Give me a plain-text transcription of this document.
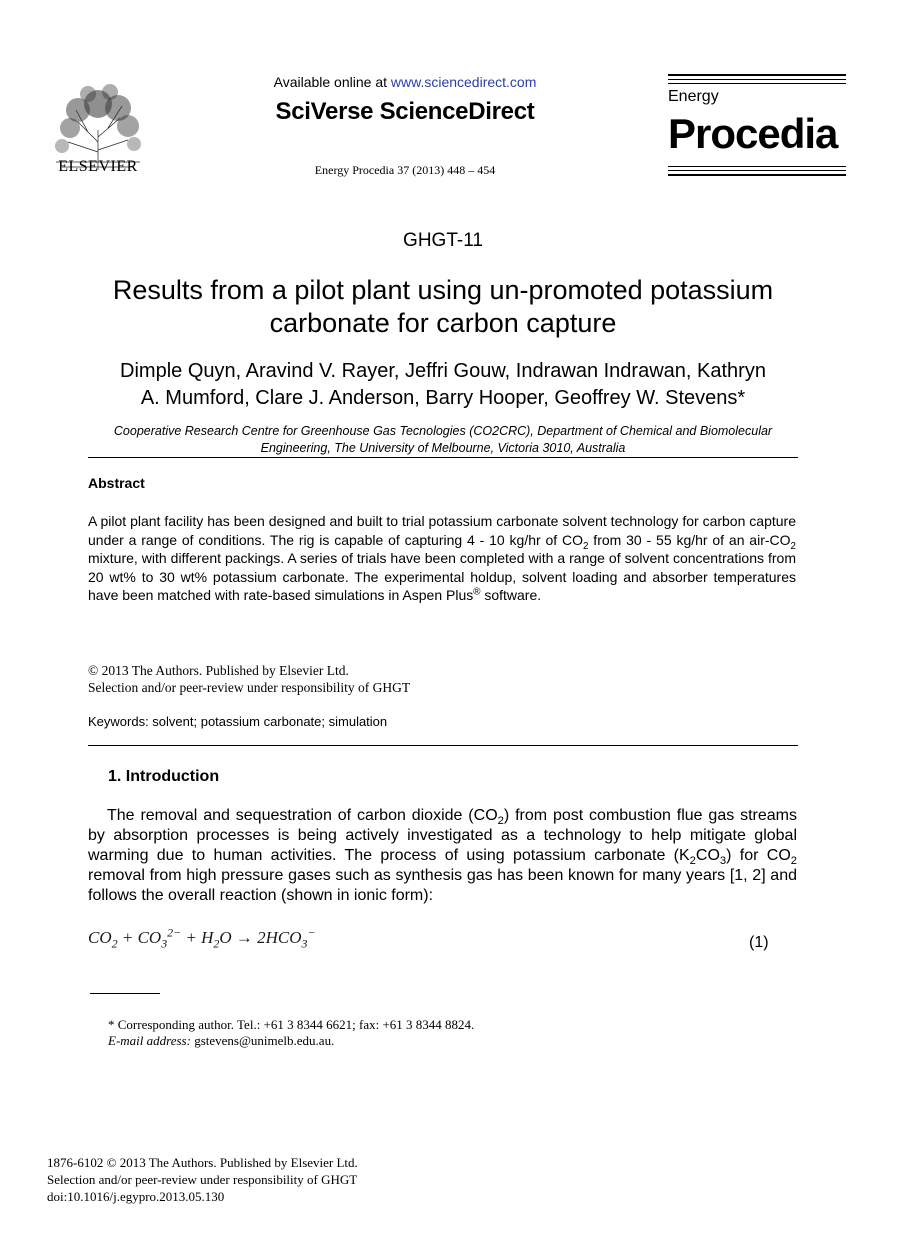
ELSEVIER
Available online at www.sciencedirect.com
SciVerse ScienceDirect
Energy Procedia 37 (2013) 448 – 454
Energy
Procedia
GHGT-11
Results from a pilot plant using un-promoted potassium
carbonate for carbon capture
Dimple Quyn, Aravind V. Rayer, Jeffri Gouw, Indrawan Indrawan, Kathryn
A. Mumford, Clare J. Anderson, Barry Hooper, Geoffrey W. Stevens*
Cooperative Research Centre for Greenhouse Gas Tecnologies (CO2CRC), Department of Chemical and Biomolecular
Engineering, The University of Melbourne, Victoria 3010, Australia
Abstract
A pilot plant facility has been designed and built to trial potassium carbonate solvent technology for carbon capture under a range of conditions. The rig is capable of capturing 4 - 10 kg/hr of $CO_2$ from 30 - 55 kg/hr of an air-$CO_2$ mixture, with different packings. A series of trials have been completed with a range of solvent concentrations from 20 wt% to 30 wt% potassium carbonate. The experimental holdup, solvent loading and absorber temperatures have been matched with rate-based simulations in Aspen Plus® software.
© 2013 The Authors. Published by Elsevier Ltd.
Selection and/or peer-review under responsibility of GHGT
Keywords: solvent; potassium carbonate; simulation
1. Introduction
The removal and sequestration of carbon dioxide $(CO_2)$ from post combustion flue gas streams by absorption processes is being actively investigated as a technology to help mitigate global warming due to human activities. The process of using potassium carbonate $(K_2CO_3)$ for $CO_2$ removal from high pressure gases such as synthesis gas has been known for many years [1, 2] and follows the overall reaction (shown in ionic form):
$CO_2 + CO_3^{2-} + H_2O \to 2HCO_3^-$
(1)
* Corresponding author. Tel.: +61 3 8344 6621; fax: +61 3 8344 8824.
E-mail address: gstevens@unimelb.edu.au.
1876-6102 © 2013 The Authors. Published by Elsevier Ltd.
Selection and/or peer-review under responsibility of GHGT
doi:10.1016/j.egypro.2013.05.130
